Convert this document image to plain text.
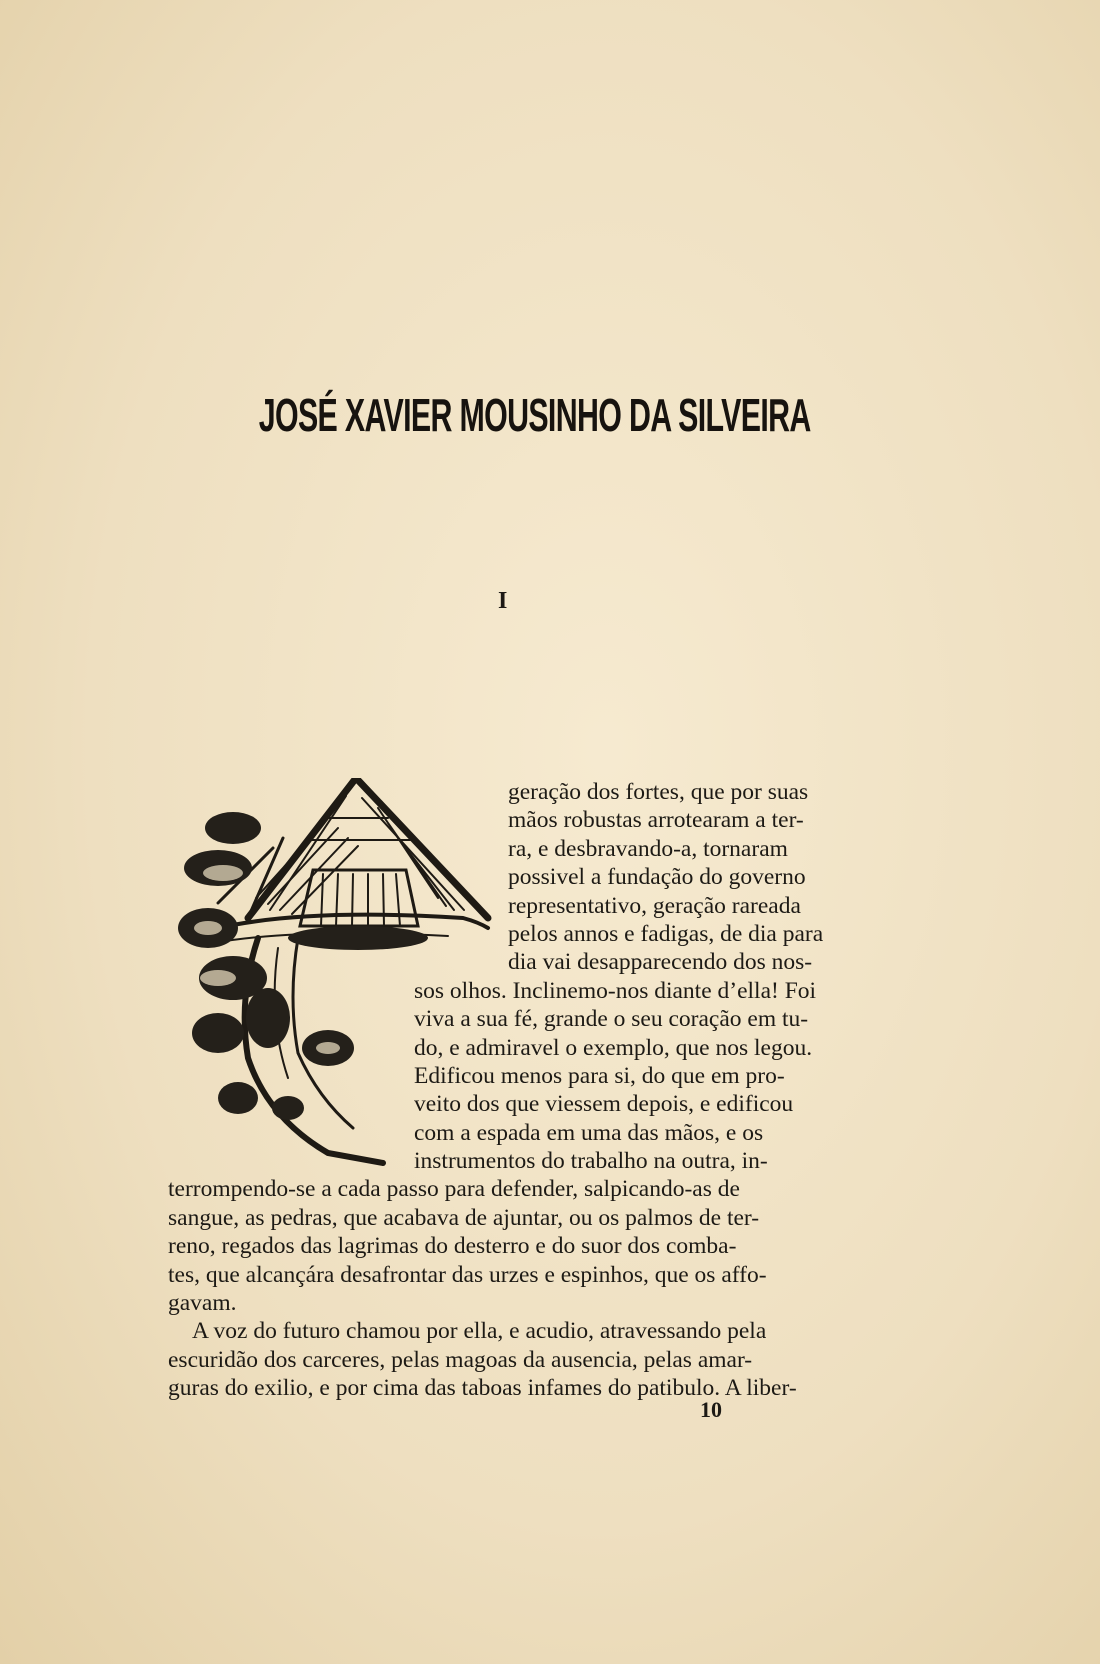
JOSÉ XAVIER MOUSINHO DA SILVEIRA
I
geração dos fortes, que por suas
mãos robustas arrotearam a ter-
ra, e desbravando-a, tornaram
possivel a fundação do governo
representativo, geração rareada
pelos annos e fadigas, de dia para
dia vai desapparecendo dos nos-
sos olhos. Inclinemo-nos diante d’ella! Foi
viva a sua fé, grande o seu coração em tu-
do, e admiravel o exemplo, que nos legou.
Edificou menos para si, do que em pro-
veito dos que viessem depois, e edificou
com a espada em uma das mãos, e os
instrumentos do trabalho na outra, in-
terrompendo-se a cada passo para defender, salpicando-as de
sangue, as pedras, que acabava de ajuntar, ou os palmos de ter-
reno, regados das lagrimas do desterro e do suor dos comba-
tes, que alcançára desafrontar das urzes e espinhos, que os affo-
gavam.
A voz do futuro chamou por ella, e acudio, atravessando pela
escuridão dos carceres, pelas magoas da ausencia, pelas amar-
guras do exilio, e por cima das taboas infames do patibulo. A liber-
10
